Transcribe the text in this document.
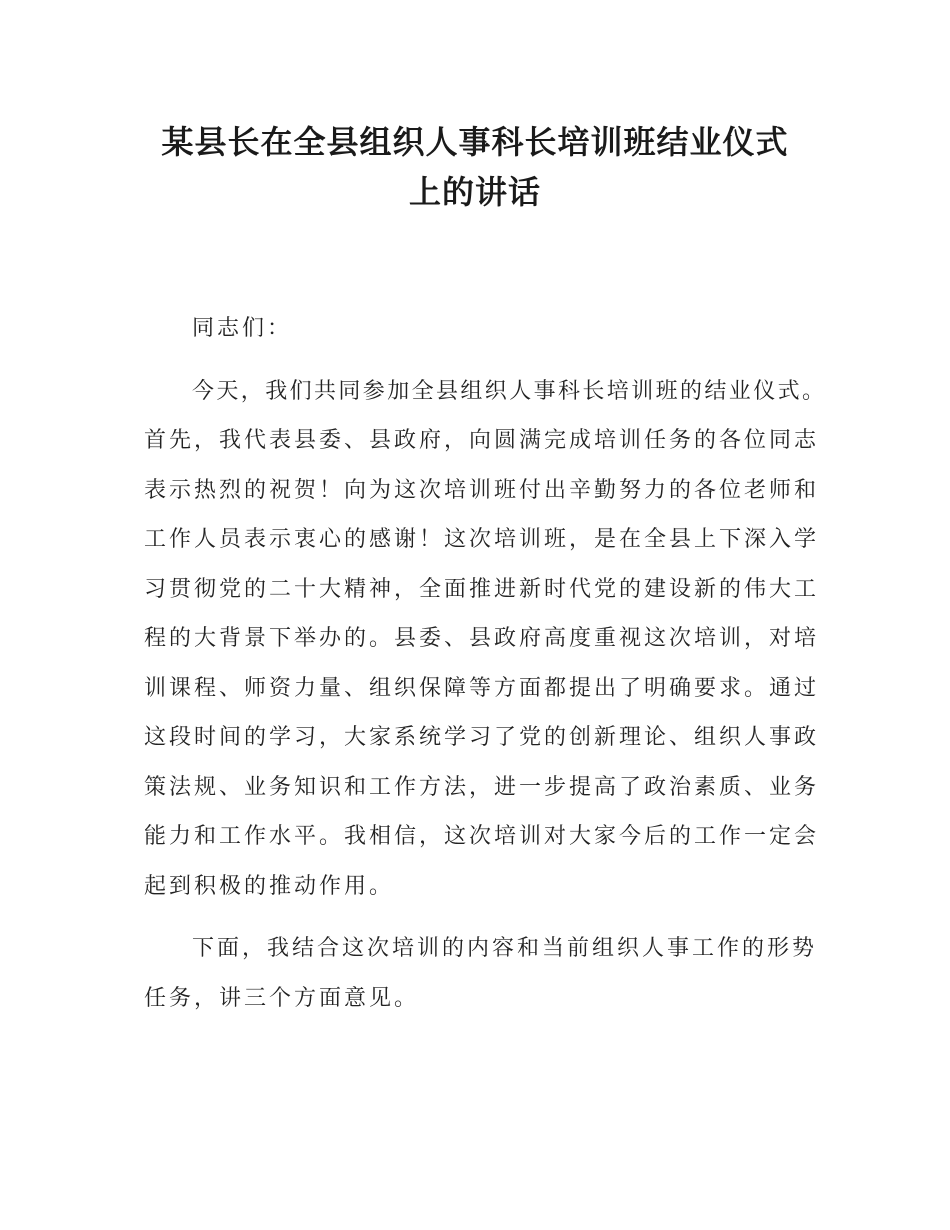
某县长在全县组织人事科长培训班结业仪式
上的讲话
同志们：
今天，我们共同参加全县组织人事科长培训班的结业仪式。
首先，我代表县委、县政府，向圆满完成培训任务的各位同志
表示热烈的祝贺！向为这次培训班付出辛勤努力的各位老师和
工作人员表示衷心的感谢！这次培训班，是在全县上下深入学
习贯彻党的二十大精神，全面推进新时代党的建设新的伟大工
程的大背景下举办的。县委、县政府高度重视这次培训，对培
训课程、师资力量、组织保障等方面都提出了明确要求。通过
这段时间的学习，大家系统学习了党的创新理论、组织人事政
策法规、业务知识和工作方法，进一步提高了政治素质、业务
能力和工作水平。我相信，这次培训对大家今后的工作一定会
起到积极的推动作用。
下面，我结合这次培训的内容和当前组织人事工作的形势
任务，讲三个方面意见。
